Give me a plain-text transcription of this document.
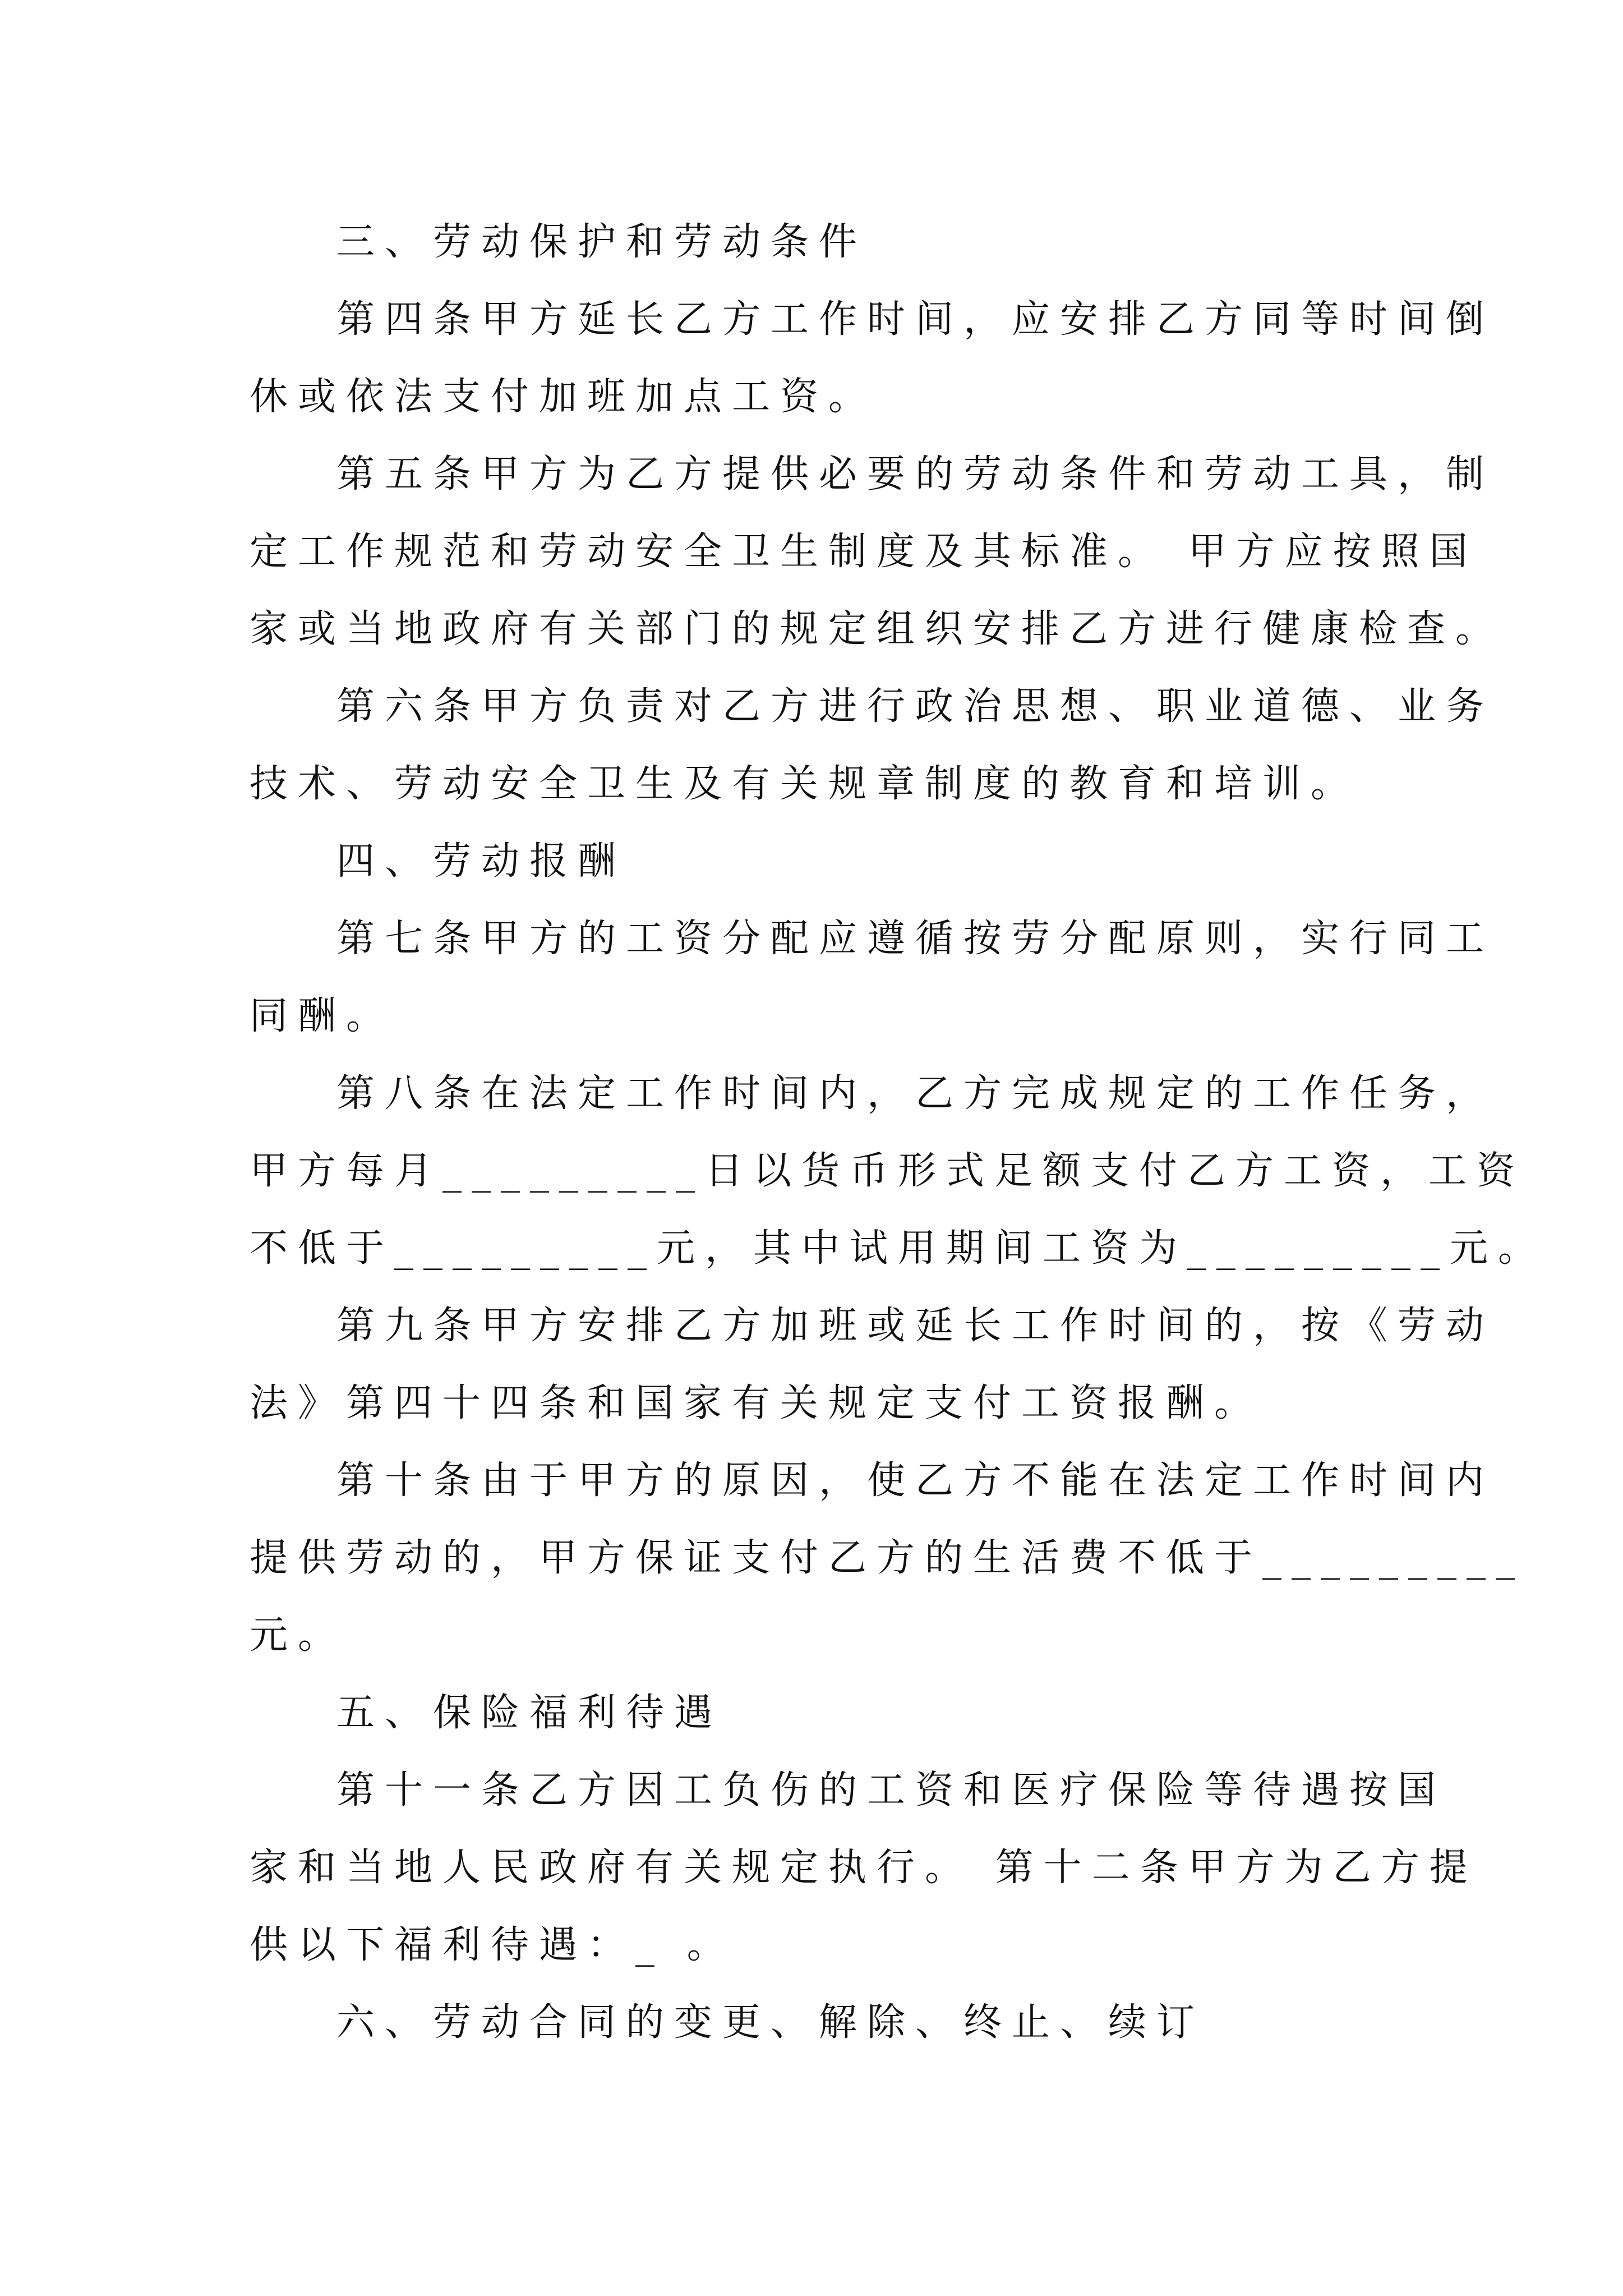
三、劳动保护和劳动条件
第四条甲方延长乙方工作时间，应安排乙方同等时间倒
休或依法支付加班加点工资。
第五条甲方为乙方提供必要的劳动条件和劳动工具，制
定工作规范和劳动安全卫生制度及其标准。 甲方应按照国
家或当地政府有关部门的规定组织安排乙方进行健康检查。
第六条甲方负责对乙方进行政治思想、职业道德、业务
技术、劳动安全卫生及有关规章制度的教育和培训。
四、劳动报酬
第七条甲方的工资分配应遵循按劳分配原则，实行同工
同酬。
第八条在法定工作时间内，乙方完成规定的工作任务，
甲方每月_________日以货币形式足额支付乙方工资，工资
不低于_________元，其中试用期间工资为_________元。
第九条甲方安排乙方加班或延长工作时间的，按《劳动
法》第四十四条和国家有关规定支付工资报酬。
第十条由于甲方的原因，使乙方不能在法定工作时间内
提供劳动的，甲方保证支付乙方的生活费不低于_________
元。
五、保险福利待遇
第十一条乙方因工负伤的工资和医疗保险等待遇按国
家和当地人民政府有关规定执行。 第十二条甲方为乙方提
供以下福利待遇：_ 。
六、劳动合同的变更、解除、终止、续订
